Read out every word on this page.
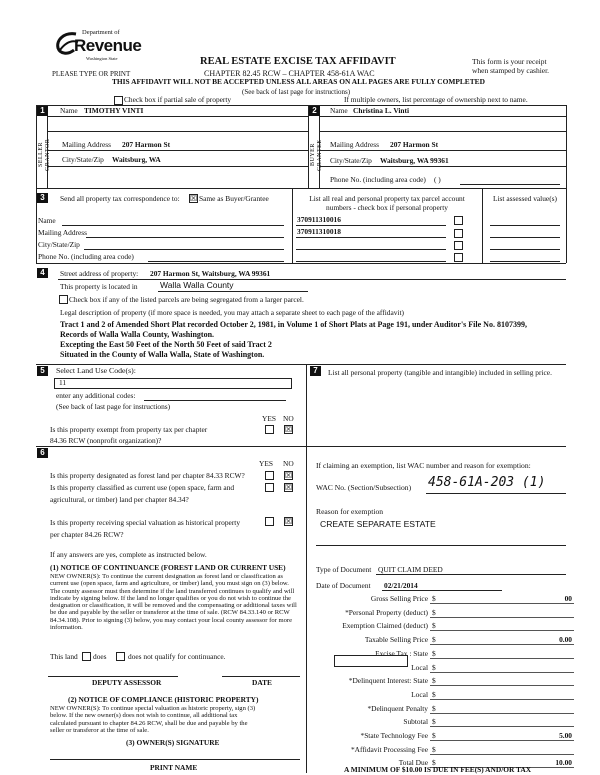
Department of
Revenue
Washington State
PLEASE TYPE OR PRINT
REAL ESTATE EXCISE TAX AFFIDAVIT
CHAPTER 82.45 RCW – CHAPTER 458-61A WAC
THIS AFFIDAVIT WILL NOT BE ACCEPTED UNLESS ALL AREAS ON ALL PAGES ARE FULLY COMPLETED
(See back of last page for instructions)
This form is your receipt when stamped by cashier.
Check box if partial sale of property	If multiple owners, list percentage of ownership next to name.
1
SELLER GRANTOR
Name TIMOTHY VINTI
Mailing Address 207 Harmon St
City/State/Zip Waitsburg, WA
2
BUYER GRANTEE
Name Christina L. Vinti
Mailing Address 207 Harmon St
City/State/Zip Waitsburg, WA 99361
Phone No. (including area code) ( )
3	Send all property tax correspondence to: ☒ Same as Buyer/Grantee
Name
Mailing Address
City/State/Zip
Phone No. (including area code)
List all real and personal property tax parcel account numbers - check box if personal property
List assessed value(s)
370911310016
370911310018
4	Street address of property: 207 Harmon St, Waitsburg, WA 99361
This property is located in	Walla Walla County
Check box if any of the listed parcels are being segregated from a larger parcel.
Legal description of property (if more space is needed, you may attach a separate sheet to each page of the affidavit)
Tract 1 and 2 of Amended Short Plat recorded October 2, 1981, in Volume 1 of Short Plats at Page 191, under Auditor's File No. 8107399,
Records of Walla Walla County, Washington.
Excepting the East 50 Feet of the North 50 Feet of said Tract 2
Situated in the County of Walla Walla, State of Washington.
5	Select Land Use Code(s):
11
enter any additional codes:
(See back of last page for instructions)
YES NO
Is this property exempt from property tax per chapter
84.36 RCW (nonprofit organization)?
☒
7	List all personal property (tangible and intangible) included in selling price.
6
YES NO
Is this property designated as forest land per chapter 84.33 RCW?	☒
Is this property classified as current use (open space, farm and
agricultural, or timber) land per chapter 84.34?
☒
Is this property receiving special valuation as historical property
per chapter 84.26 RCW?
☒
If any answers are yes, complete as instructed below.
(1) NOTICE OF CONTINUANCE (FOREST LAND OR CURRENT USE)
NEW OWNER(S): To continue the current designation as forest land or classification as current use (open space, farm and agriculture, or timber) land, you must sign on (3) below. The county assessor must then determine if the land transferred continues to qualify and will indicate by signing below. If the land no longer qualifies or you do not wish to continue the designation or classification, it will be removed and the compensating or additional taxes will be due and payable by the seller or transferor at the time of sale. (RCW 84.33.140 or RCW 84.34.108). Prior to signing (3) below, you may contact your local county assessor for more information.
This land does	does not qualify for continuance.
DEPUTY ASSESSOR	DATE
(2) NOTICE OF COMPLIANCE (HISTORIC PROPERTY)
NEW OWNER(S): To continue special valuation as historic property, sign (3) below. If the new owner(s) does not wish to continue, all additional tax calculated pursuant to chapter 84.26 RCW, shall be due and payable by the seller or transferor at the time of sale.
(3) OWNER(S) SIGNATURE
PRINT NAME
If claiming an exemption, list WAC number and reason for exemption:
WAC No. (Section/Subsection) 458-61A-203 (1)
Reason for exemption
CREATE SEPARATE ESTATE
Type of Document QUIT CLAIM DEED
Date of Document 02/21/2014
Gross Selling Price $	00
*Personal Property (deduct) $
Exemption Claimed (deduct) $
Taxable Selling Price $	0.00
Excise Tax : State $
Local $
*Delinquent Interest: State $
Local $
*Delinquent Penalty $
Subtotal $
*State Technology Fee $	5.00
*Affidavit Processing Fee $
Total Due $	10.00
A MINIMUM OF $10.00 IS DUE IN FEE(S) AND/OR TAX
